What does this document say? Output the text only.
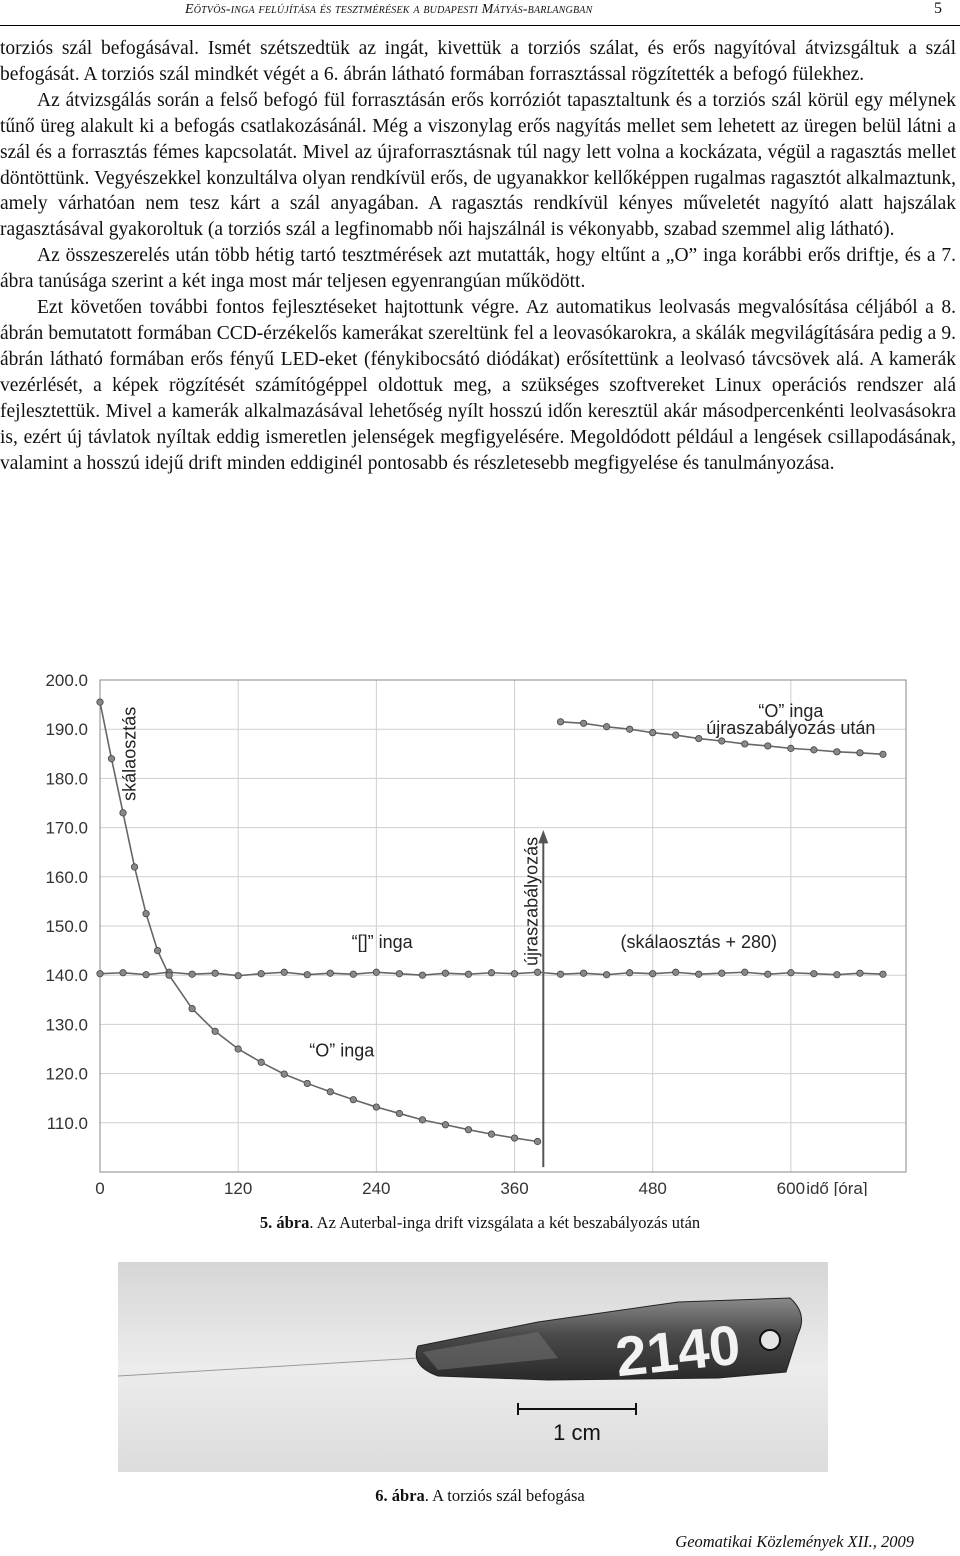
Eötvös-inga felújítása és tesztmérések a budapesti Mátyás-barlangban	5

torziós szál befogásával. Ismét szétszedtük az ingát, kivettük a torziós szálat, és erős nagyítóval átvizsgáltuk a szál befogását. A torziós szál mindkét végét a 6. ábrán látható formában forrasztással rögzítették a befogó fülekhez.

Az átvizsgálás során a felső befogó fül forrasztásán erős korróziót tapasztaltunk és a torziós szál körül egy mélynek tűnő üreg alakult ki a befogás csatlakozásánál. Még a viszonylag erős nagyítás mellet sem lehetett az üregen belül látni a szál és a forrasztás fémes kapcsolatát. Mivel az újraforrasztásnak túl nagy lett volna a kockázata, végül a ragasztás mellet döntöttünk. Vegyészekkel konzultálva olyan rendkívül erős, de ugyanakkor kellőképpen rugalmas ragasztót alkalmaztunk, amely várhatóan nem tesz kárt a szál anyagában. A ragasztás rendkívül kényes műveletét nagyító alatt hajszálak ragasztásával gyakoroltuk (a torziós szál a legfinomabb női hajszálnál is vékonyabb, szabad szemmel alig látható).

Az összeszerelés után több hétig tartó tesztmérések azt mutatták, hogy eltűnt a „O” inga korábbi erős driftje, és a 7. ábra tanúsága szerint a két inga most már teljesen egyenrangúan működött.

Ezt követően további fontos fejlesztéseket hajtottunk végre. Az automatikus leolvasás megvalósítása céljából a 8. ábrán bemutatott formában CCD-érzékelős kamerákat szereltünk fel a leovasókarokra, a skálák megvilágítására pedig a 9. ábrán látható formában erős fényű LED-eket (fénykibocsátó diódákat) erősítettünk a leolvasó távcsövek alá. A kamerák vezérlését, a képek rögzítését számítógéppel oldottuk meg, a szükséges szoftvereket Linux operációs rendszer alá fejlesztettük. Mivel a kamerák alkalmazásával lehetőség nyílt hosszú időn keresztül akár másodpercenkénti leolvasásokra is, ezért új távlatok nyíltak eddig ismeretlen jelenségek megfigyelésére. Megoldódott például a lengések csillapodásának, valamint a hosszú idejű drift minden eddiginél pontosabb és részletesebb megfigyelése és tanulmányozása.

110.0
120.0
130.0
140.0
150.0
160.0
170.0
180.0
190.0
200.0
0	120	240	360	480	600 idő [óra]
skálaosztás
újraszabályozás
“[]” inga	(skálaosztás + 280)
“O” inga
“O” inga
újraszabályozás után
5. ábra. Az Auterbal-inga drift vizsgálata a két beszabályozás után
2140
1 cm
6. ábra. A torziós szál befogása
Geomatikai Közlemények XII., 2009
